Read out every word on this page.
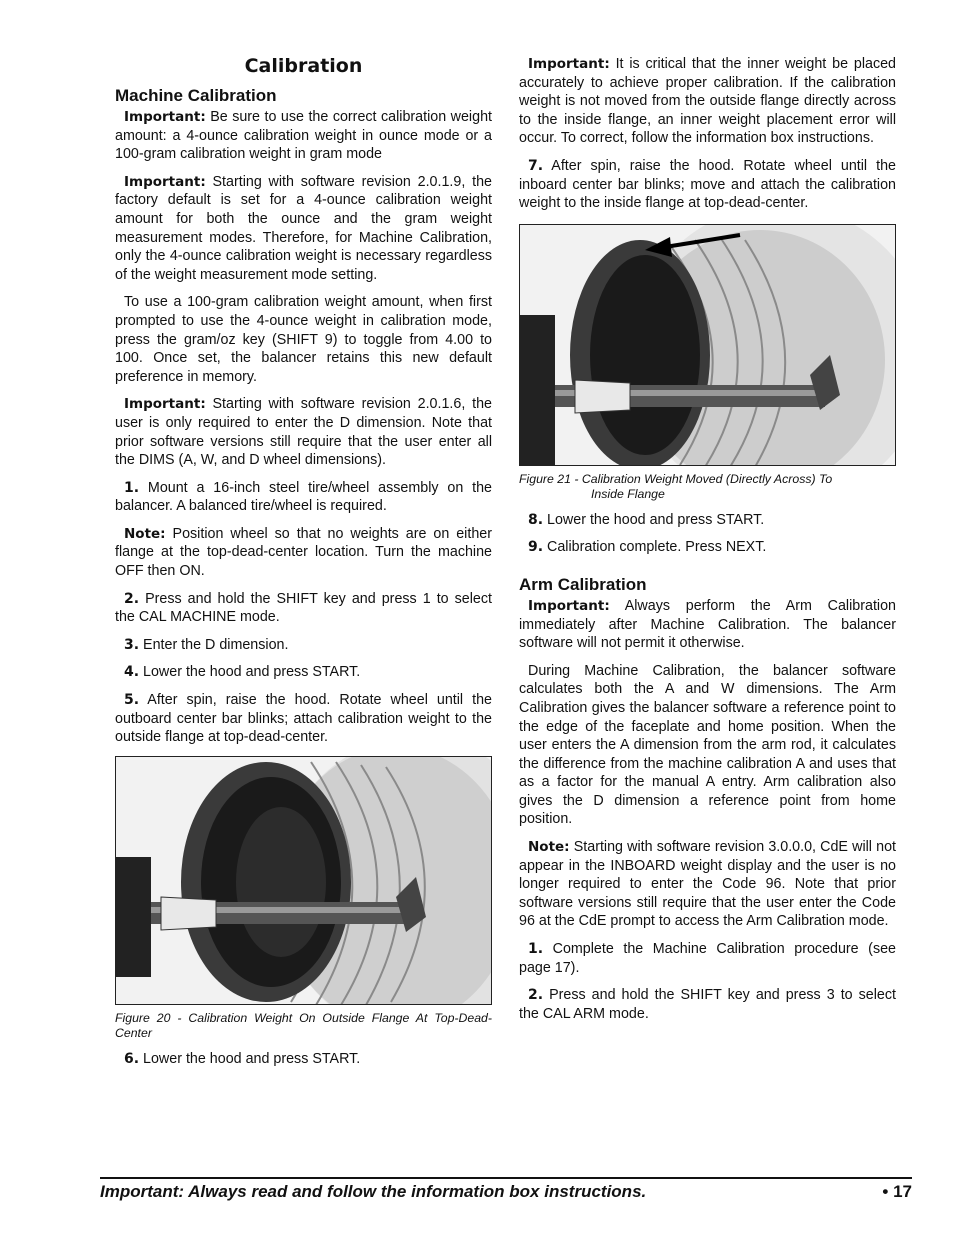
Calibration
Machine Calibration

Important: Be sure to use the correct calibration weight amount: a 4-ounce calibration weight in ounce mode or a 100-gram calibration weight in gram mode

Important: Starting with software revision 2.0.1.9, the factory default is set for a 4-ounce calibration weight amount for both the ounce and the gram weight measurement modes. Therefore, for Machine Calibration, only the 4-ounce calibration weight is necessary regardless of the weight measurement mode setting.

To use a 100-gram calibration weight amount, when first prompted to use the 4-ounce weight in calibration mode, press the gram/oz key (SHIFT 9) to toggle from 4.00 to 100. Once set, the balancer retains this new default preference in memory.

Important: Starting with software revision 2.0.1.6, the user is only required to enter the D dimension. Note that prior software versions still require that the user enter all the DIMS (A, W, and D wheel dimensions).

1. Mount a 16-inch steel tire/wheel assembly on the balancer. A balanced tire/wheel is required.

Note: Position wheel so that no weights are on either flange at the top-dead-center location. Turn the machine OFF then ON.

2. Press and hold the SHIFT key and press 1 to select the CAL MACHINE mode.

3. Enter the D dimension.

4. Lower the hood and press START.

5. After spin, raise the hood. Rotate wheel until the outboard center bar blinks; attach calibration weight to the outside flange at top-dead-center.

Figure 20 - Calibration Weight On Outside Flange At Top-Dead-Center

6. Lower the hood and press START.

Important: It is critical that the inner weight be placed accurately to achieve proper calibration. If the calibration weight is not moved from the outside flange directly across to the inside flange, an inner weight placement error will occur. To correct, follow the information box instructions.

7. After spin, raise the hood. Rotate wheel until the inboard center bar blinks; move and attach the calibration weight to the inside flange at top-dead-center.

Figure 21 - Calibration Weight Moved (Directly Across) To
Inside Flange

8. Lower the hood and press START.

9. Calibration complete. Press NEXT.

Arm Calibration

Important: Always perform the Arm Calibration immediately after Machine Calibration. The balancer software will not permit it otherwise.

During Machine Calibration, the balancer software calculates both the A and W dimensions. The Arm Calibration gives the balancer software a reference point to the edge of the faceplate and home position. When the user enters the A dimension from the arm rod, it calculates the difference from the machine calibration A and uses that as a factor for the manual A entry. Arm calibration also gives the D dimension a reference point from home position.

Note: Starting with software revision 3.0.0.0, CdE will not appear in the INBOARD weight display and the user is no longer required to enter the Code 96. Note that prior software versions still require that the user enter the Code 96 at the CdE prompt to access the Arm Calibration mode.

1. Complete the Machine Calibration procedure (see page 17).

2. Press and hold the SHIFT key and press 3 to select the CAL ARM mode.

Important: Always read and follow the information box instructions.	• 17
